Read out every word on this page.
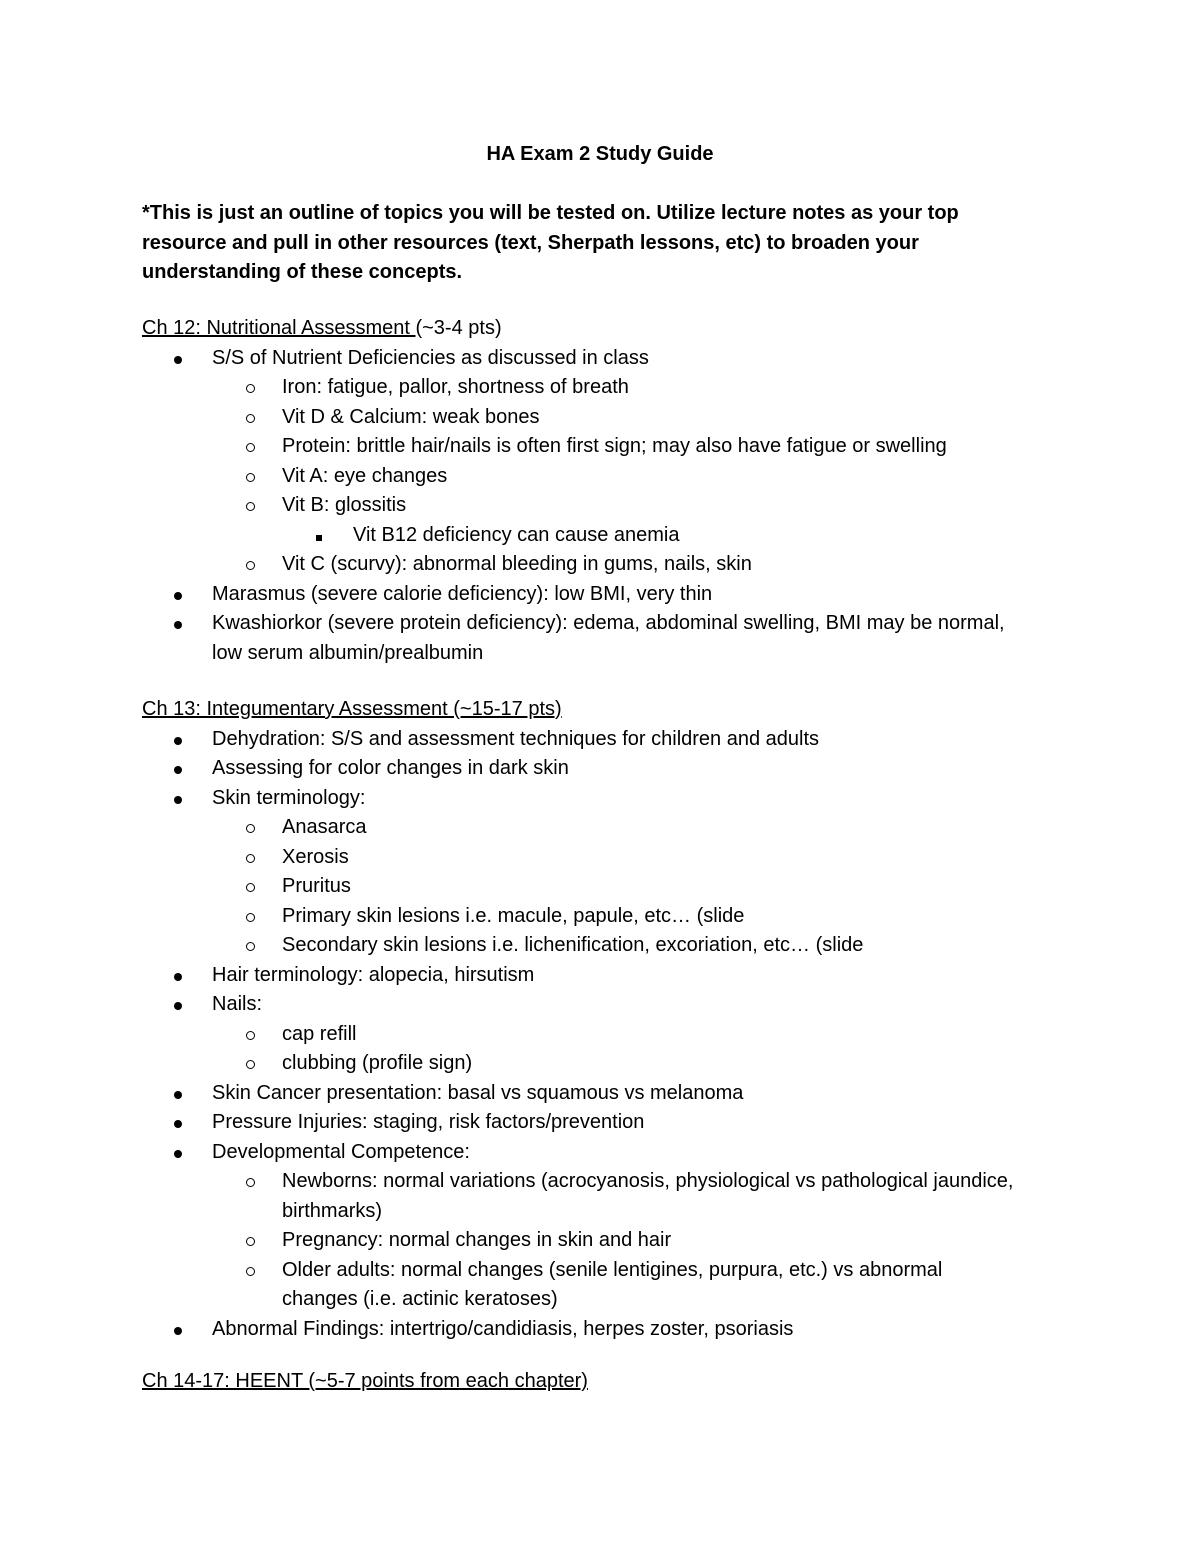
HA Exam 2 Study Guide

*This is just an outline of topics you will be tested on. Utilize lecture notes as your top resource and pull in other resources (text, Sherpath lessons, etc) to broaden your understanding of these concepts.

Ch 12: Nutritional Assessment (~3-4 pts)

S/S of Nutrient Deficiencies as discussed in class
Iron: fatigue, pallor, shortness of breath
Vit D & Calcium: weak bones
Protein: brittle hair/nails is often first sign; may also have fatigue or swelling
Vit A: eye changes
Vit B: glossitis
Vit B12 deficiency can cause anemia
Vit C (scurvy): abnormal bleeding in gums, nails, skin
Marasmus (severe calorie deficiency): low BMI, very thin
Kwashiorkor (severe protein deficiency): edema, abdominal swelling, BMI may be normal, low serum albumin/prealbumin

Ch 13: Integumentary Assessment (~15-17 pts)

Dehydration: S/S and assessment techniques for children and adults
Assessing for color changes in dark skin
Skin terminology:
Anasarca
Xerosis
Pruritus
Primary skin lesions i.e. macule, papule, etc… (slide
Secondary skin lesions i.e. lichenification, excoriation, etc… (slide
Hair terminology: alopecia, hirsutism
Nails:
cap refill
clubbing (profile sign)
Skin Cancer presentation: basal vs squamous vs melanoma
Pressure Injuries: staging, risk factors/prevention
Developmental Competence:
Newborns: normal variations (acrocyanosis, physiological vs pathological jaundice, birthmarks)
Pregnancy: normal changes in skin and hair
Older adults: normal changes (senile lentigines, purpura, etc.) vs abnormal changes (i.e. actinic keratoses)
Abnormal Findings: intertrigo/candidiasis, herpes zoster, psoriasis

Ch 14-17: HEENT (~5-7 points from each chapter)
